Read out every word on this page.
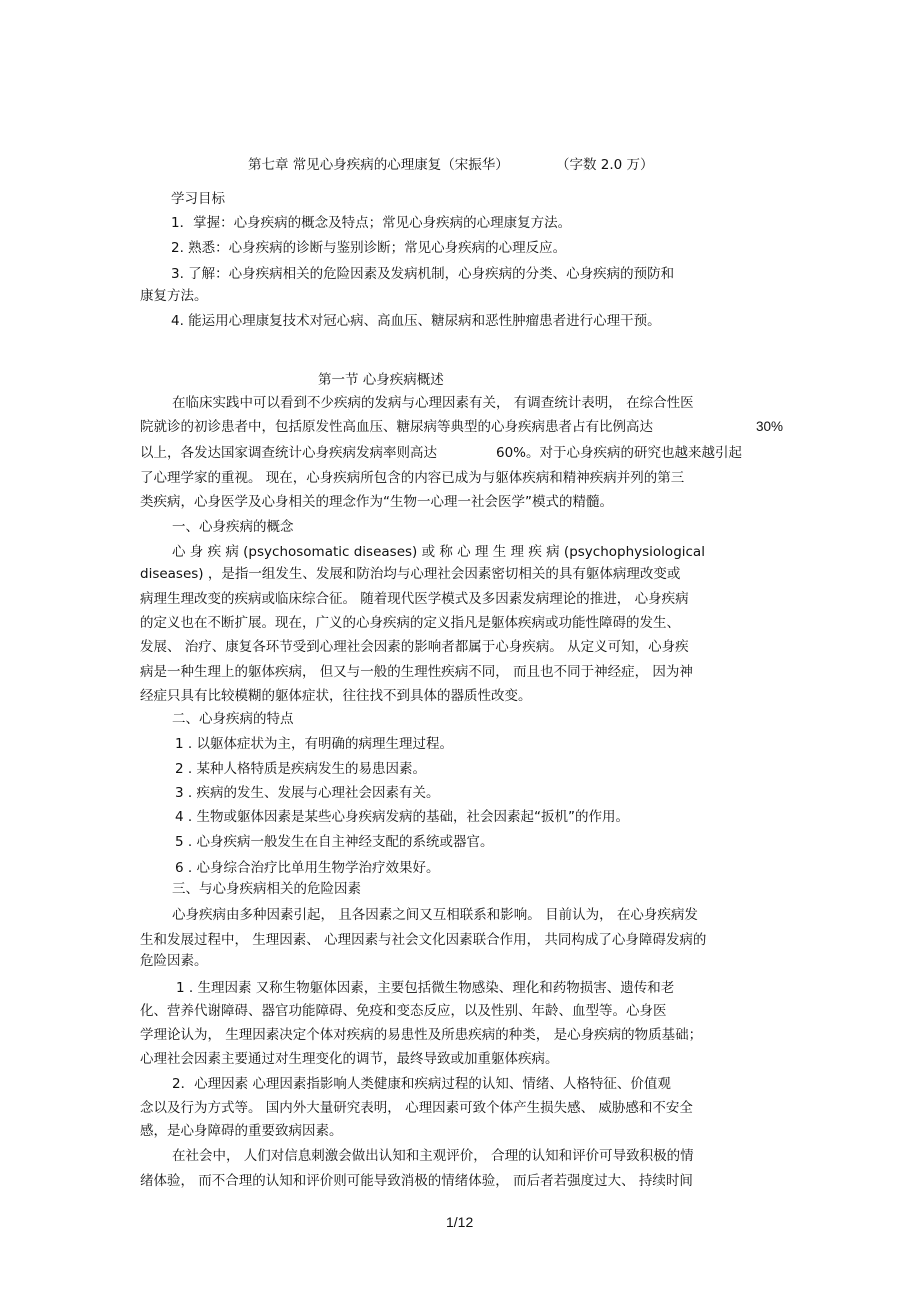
第七章 常见心身疾病的心理康复（宋振华）	（字数 2.0 万）
学习目标
1．掌握：心身疾病的概念及特点；常见心身疾病的心理康复方法。
2. 熟悉：心身疾病的诊断与鉴别诊断；常见心身疾病的心理反应。
3. 了解：心身疾病相关的危险因素及发病机制，心身疾病的分类、心身疾病的预防和
康复方法。
4. 能运用心理康复技术对冠心病、高血压、糖尿病和恶性肿瘤患者进行心理干预。
第一节 心身疾病概述
在临床实践中可以看到不少疾病的发病与心理因素有关， 有调查统计表明， 在综合性医
院就诊的初诊患者中，包括原发性高血压、糖尿病等典型的心身疾病患者占有比例高达	30%
以上，各发达国家调查统计心身疾病发病率则高达	60%。对于心身疾病的研究也越来越引起
了心理学家的重视。 现在，心身疾病所包含的内容已成为与躯体疾病和精神疾病并列的第三
类疾病，心身医学及心身相关的理念作为“生物一心理一社会医学”模式的精髓。
一、心身疾病的概念
心 身 疾 病 (psychosomatic diseases) 或 称 心 理 生 理 疾 病 (psychophysiological
diseases) ，是指一组发生、发展和防治均与心理社会因素密切相关的具有躯体病理改变或
病理生理改变的疾病或临床综合征。 随着现代医学模式及多因素发病理论的推进， 心身疾病
的定义也在不断扩展。现在，广义的心身疾病的定义指凡是躯体疾病或功能性障碍的发生、
发展、 治疗、康复各环节受到心理社会因素的影响者都属于心身疾病。 从定义可知，心身疾
病是一种生理上的躯体疾病， 但又与一般的生理性疾病不同， 而且也不同于神经症， 因为神
经症只具有比较模糊的躯体症状，往往找不到具体的器质性改变。
二、心身疾病的特点
1 . 以躯体症状为主，有明确的病理生理过程。
2 . 某种人格特质是疾病发生的易患因素。
3 . 疾病的发生、发展与心理社会因素有关。
4 . 生物或躯体因素是某些心身疾病发病的基础，社会因素起“扳机”的作用。
5 . 心身疾病一般发生在自主神经支配的系统或器官。
6 . 心身综合治疗比单用生物学治疗效果好。
三、与心身疾病相关的危险因素
心身疾病由多种因素引起， 且各因素之间又互相联系和影响。 目前认为， 在心身疾病发
生和发展过程中， 生理因素、 心理因素与社会文化因素联合作用， 共同构成了心身障碍发病的
危险因素。
1 . 生理因素 又称生物躯体因素，主要包括微生物感染、理化和药物损害、遗传和老
化、营养代谢障碍、器官功能障碍、免疫和变态反应，以及性别、年龄、血型等。心身医
学理论认为， 生理因素决定个体对疾病的易患性及所患疾病的种类， 是心身疾病的物质基础；
心理社会因素主要通过对生理变化的调节，最终导致或加重躯体疾病。
2．心理因素 心理因素指影响人类健康和疾病过程的认知、情绪、人格特征、价值观
念以及行为方式等。 国内外大量研究表明， 心理因素可致个体产生损失感、 威胁感和不安全
感，是心身障碍的重要致病因素。
在社会中， 人们对信息刺激会做出认知和主观评价， 合理的认知和评价可导致积极的情
绪体验， 而不合理的认知和评价则可能导致消极的情绪体验， 而后者若强度过大、 持续时间
1/12
